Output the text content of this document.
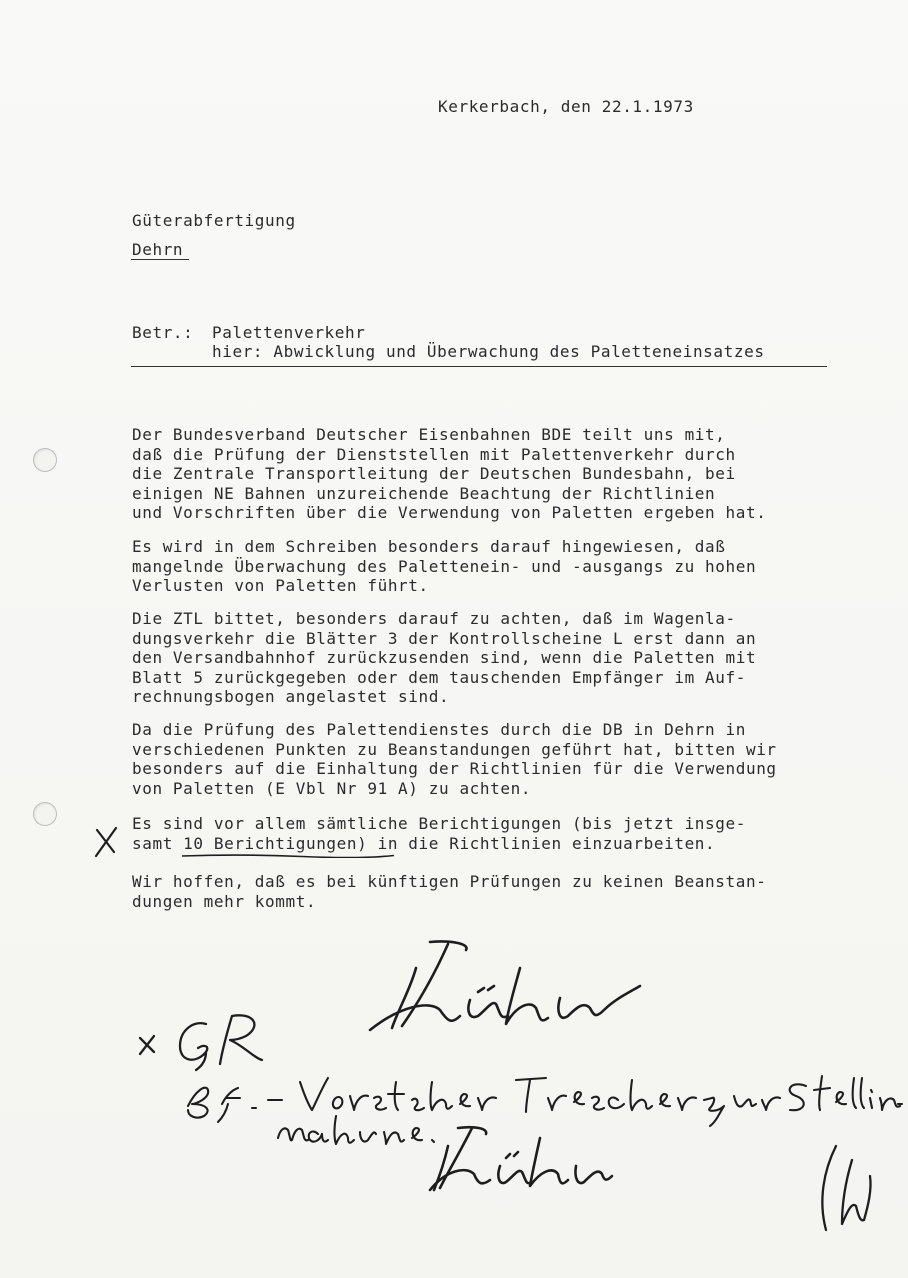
Kerkerbach, den 22.1.1973
Güterabfertigung
Dehrn
Betr.: Palettenverkehr
hier: Abwicklung und Überwachung des Paletteneinsatzes
Der Bundesverband Deutscher Eisenbahnen BDE teilt uns mit,
daß die Prüfung der Dienststellen mit Palettenverkehr durch
die Zentrale Transportleitung der Deutschen Bundesbahn, bei
einigen NE Bahnen unzureichende Beachtung der Richtlinien
und Vorschriften über die Verwendung von Paletten ergeben hat.
Es wird in dem Schreiben besonders darauf hingewiesen, daß
mangelnde Überwachung des Palettenein- und -ausgangs zu hohen
Verlusten von Paletten führt.
Die ZTL bittet, besonders darauf zu achten, daß im Wagenla-
dungsverkehr die Blätter 3 der Kontrollscheine L erst dann an
den Versandbahnhof zurückzusenden sind, wenn die Paletten mit
Blatt 5 zurückgegeben oder dem tauschenden Empfänger im Auf-
rechnungsbogen angelastet sind.
Da die Prüfung des Palettendienstes durch die DB in Dehrn in
verschiedenen Punkten zu Beanstandungen geführt hat, bitten wir
besonders auf die Einhaltung der Richtlinien für die Verwendung
von Paletten (E Vbl Nr 91 A) zu achten.
Es sind vor allem sämtliche Berichtigungen (bis jetzt insge-
samt 10 Berichtigungen) in die Richtlinien einzuarbeiten.
Wir hoffen, daß es bei künftigen Prüfungen zu keinen Beanstan-
dungen mehr kommt.
